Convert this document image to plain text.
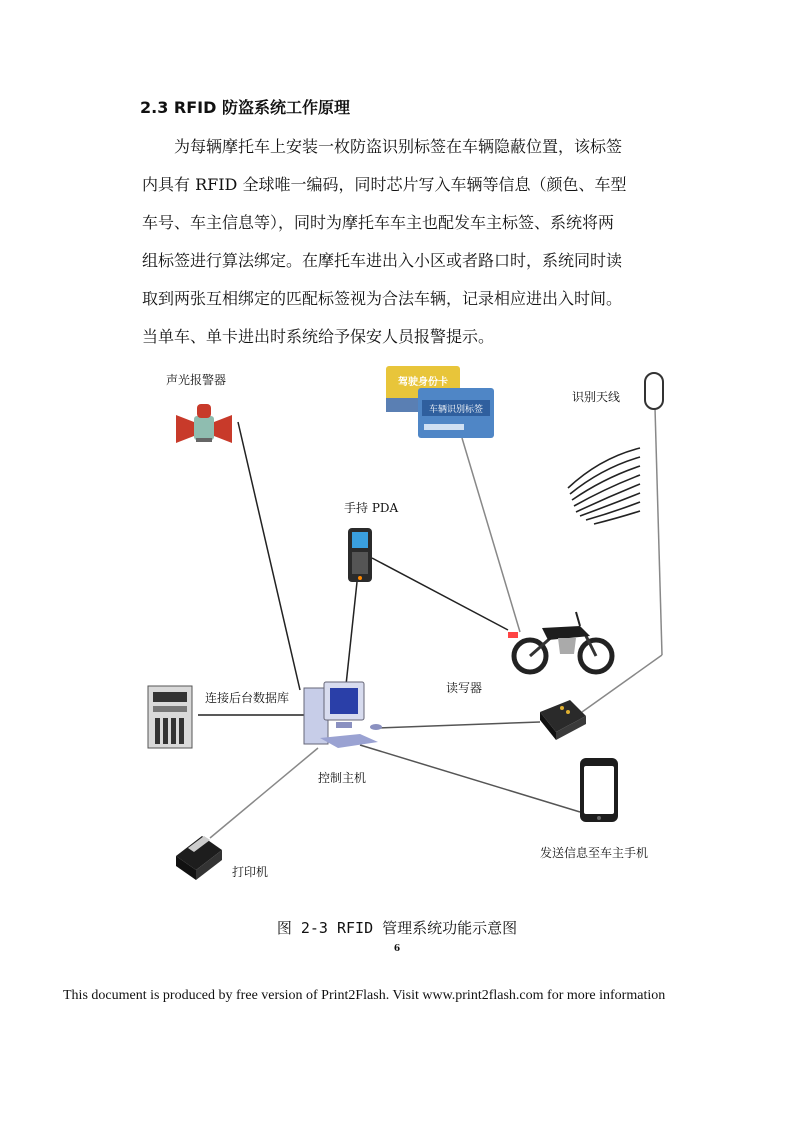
2.3 RFID 防盗系统工作原理
为每辆摩托车上安装一枚防盗识别标签在车辆隐蔽位置，该标签
内具有 RFID 全球唯一编码，同时芯片写入车辆等信息（颜色、车型
车号、车主信息等），同时为摩托车车主也配发车主标签、系统将两
组标签进行算法绑定。在摩托车进出入小区或者路口时，系统同时读
取到两张互相绑定的匹配标签视为合法车辆，记录相应进出入时间。
当单车、单卡进出时系统给予保安人员报警提示。
驾驶身份卡
车辆识别标签
声光报警器
识别天线
手持 PDA
连接后台数据库
读写器
控制主机
发送信息至车主手机
打印机
图 2-3 RFID 管理系统功能示意图
6
This document is produced by free version of Print2Flash. Visit www.print2flash.com for more information
